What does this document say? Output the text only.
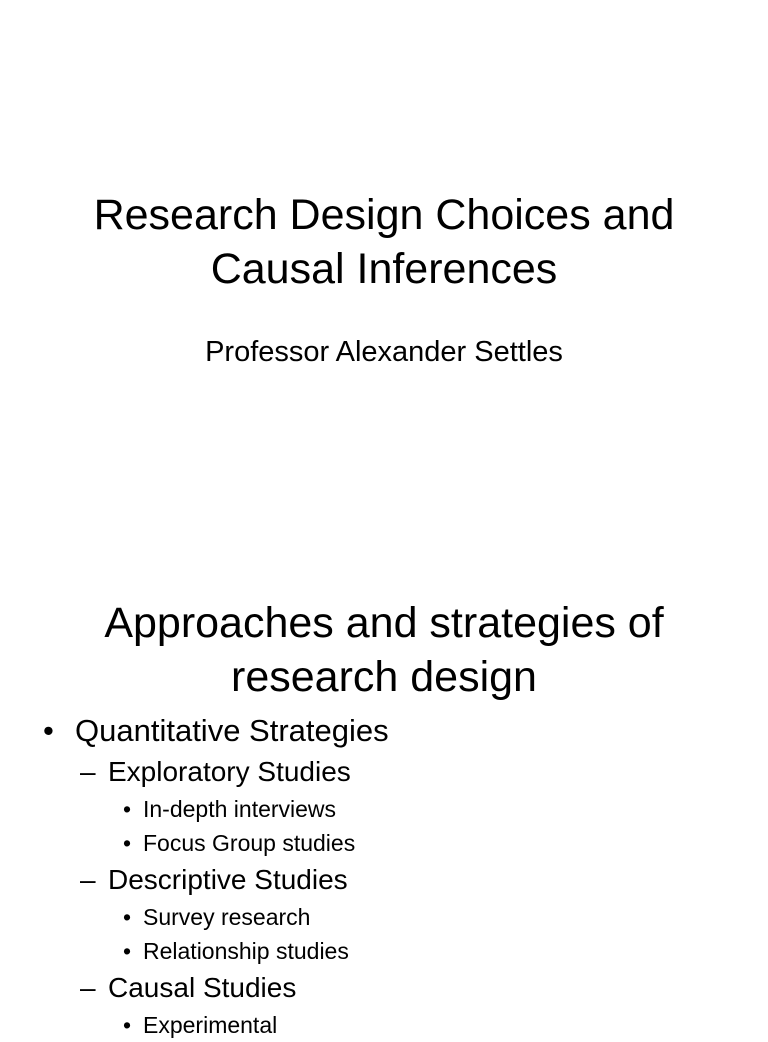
Research Design Choices and
Causal Inferences

Professor Alexander Settles

Approaches and strategies of
research design
• Quantitative Strategies
– Exploratory Studies
• In-depth interviews
• Focus Group studies
– Descriptive Studies
• Survey research
• Relationship studies
– Causal Studies
• Experimental
